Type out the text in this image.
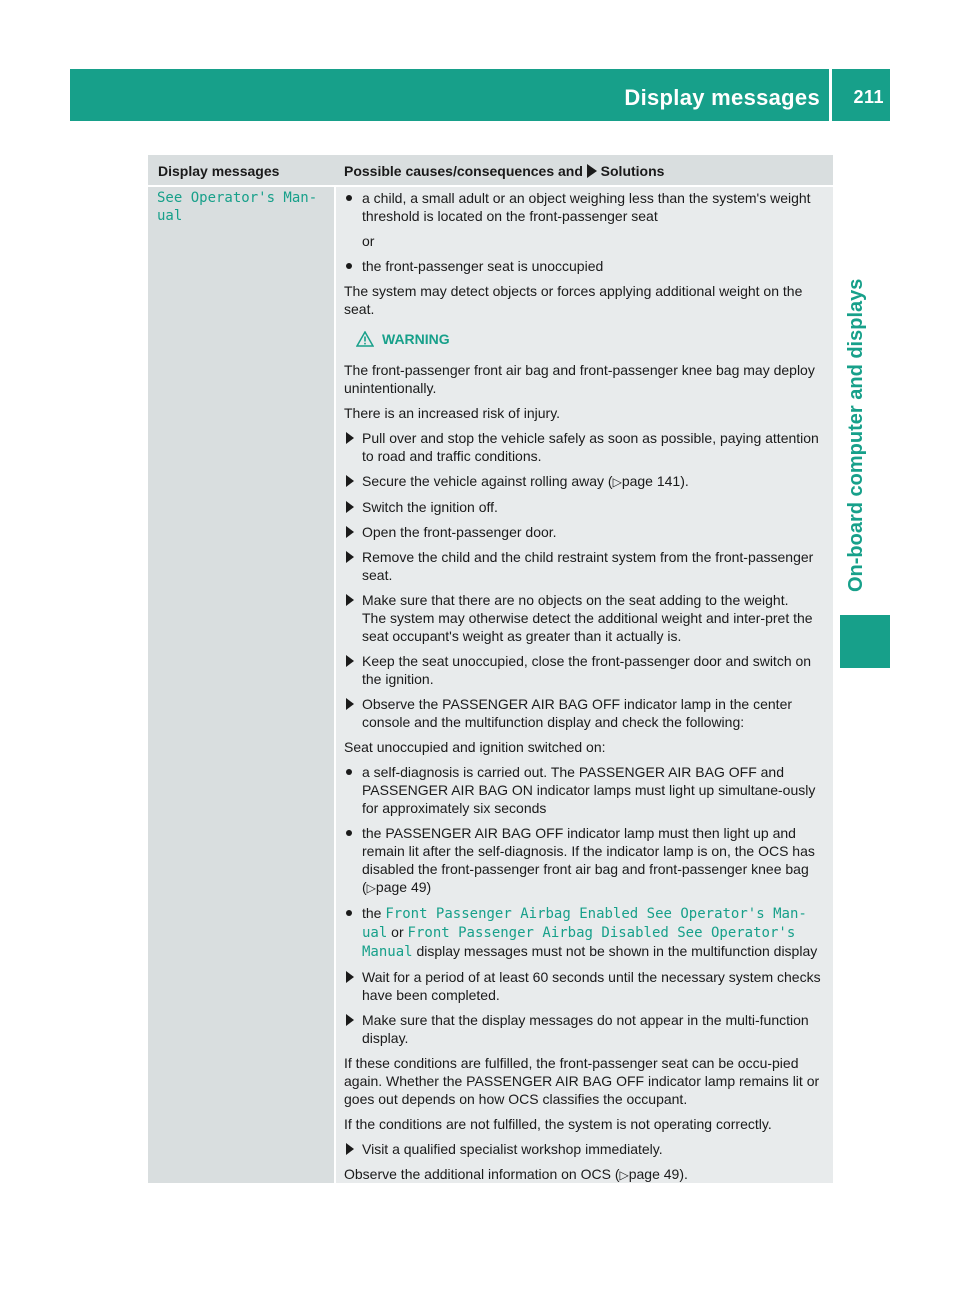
Display messages 211
On-board computer and displays
Display messages	Possible causes/consequences and Solutions
See Operator's Man‐
ual

a child, a small adult or an object weighing less than the system's weight threshold is located on the front-passenger seat

or

the front-passenger seat is unoccupied

The system may detect objects or forces applying additional weight on the seat.

WARNING

The front-passenger front air bag and front-passenger knee bag may deploy unintentionally.

There is an increased risk of injury.

Pull over and stop the vehicle safely as soon as possible, paying attention to road and traffic conditions.

Secure the vehicle against rolling away (▷page 141).

Switch the ignition off.

Open the front-passenger door.

Remove the child and the child restraint system from the front-passenger seat.

Make sure that there are no objects on the seat adding to the weight.
The system may otherwise detect the additional weight and inter-pret the seat occupant's weight as greater than it actually is.

Keep the seat unoccupied, close the front-passenger door and switch on the ignition.

Observe the PASSENGER AIR BAG OFF indicator lamp in the center console and the multifunction display and check the following:

Seat unoccupied and ignition switched on:

a self-diagnosis is carried out. The PASSENGER AIR BAG OFF and PASSENGER AIR BAG ON indicator lamps must light up simultane-ously for approximately six seconds

the PASSENGER AIR BAG OFF indicator lamp must then light up and remain lit after the self-diagnosis. If the indicator lamp is on, the OCS has disabled the front-passenger front air bag and front-passenger knee bag (▷page 49)

the Front Passenger Airbag Enabled See Operator's Man‐ual or Front Passenger Airbag Disabled See Operator's Manual display messages must not be shown in the multifunction display

Wait for a period of at least 60 seconds until the necessary system checks have been completed.

Make sure that the display messages do not appear in the multi-function display.

If these conditions are fulfilled, the front-passenger seat can be occu-pied again. Whether the PASSENGER AIR BAG OFF indicator lamp remains lit or goes out depends on how OCS classifies the occupant.

If the conditions are not fulfilled, the system is not operating correctly.

Visit a qualified specialist workshop immediately.

Observe the additional information on OCS (▷page 49).
